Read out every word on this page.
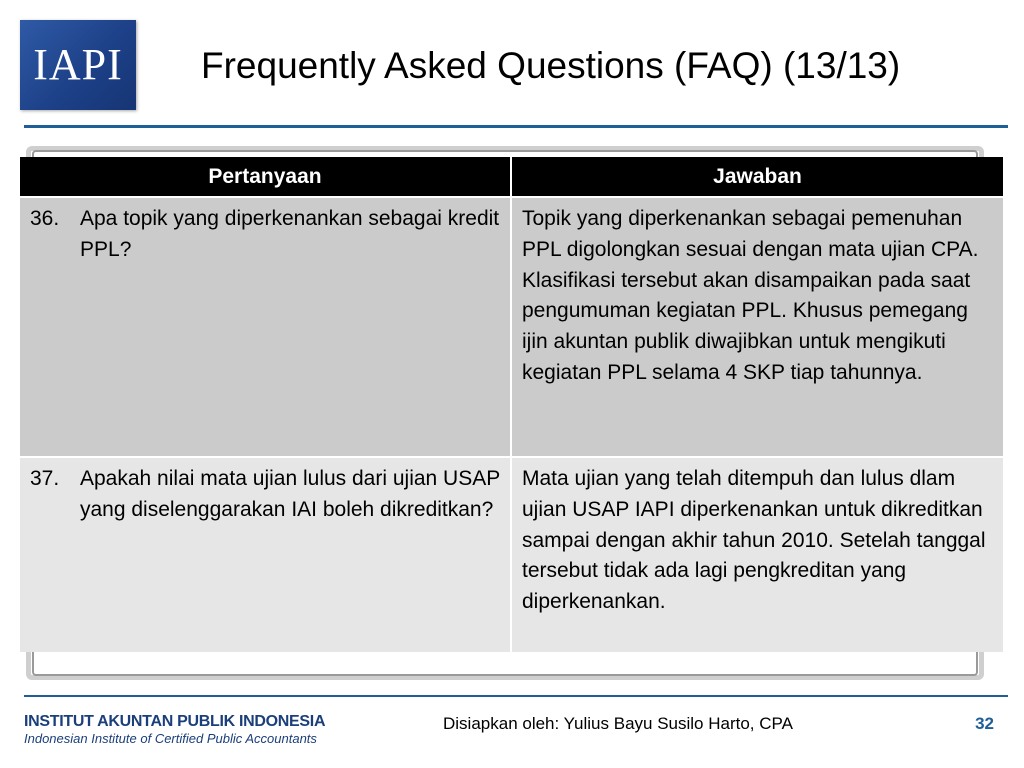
IAPI Frequently Asked Questions (FAQ) (13/13)
Pertanyaan	Jawaban

36. Apa topik yang diperkenankan sebagai kredit PPL?	Topik yang diperkenankan sebagai pemenuhan PPL digolongkan sesuai dengan mata ujian CPA. Klasifikasi tersebut akan disampaikan pada saat pengumuman kegiatan PPL. Khusus pemegang ijin akuntan publik diwajibkan untuk mengikuti kegiatan PPL selama 4 SKP tiap tahunnya.

37. Apakah nilai mata ujian lulus dari ujian USAP yang diselenggarakan IAI boleh dikreditkan?	Mata ujian yang telah ditempuh dan lulus dlam ujian USAP IAPI diperkenankan untuk dikreditkan sampai dengan akhir tahun 2010. Setelah tanggal tersebut tidak ada lagi pengkreditan yang diperkenankan.
INSTITUT AKUNTAN PUBLIK INDONESIA
Indonesian Institute of Certified Public Accountants
Disiapkan oleh: Yulius Bayu Susilo Harto, CPA	32
